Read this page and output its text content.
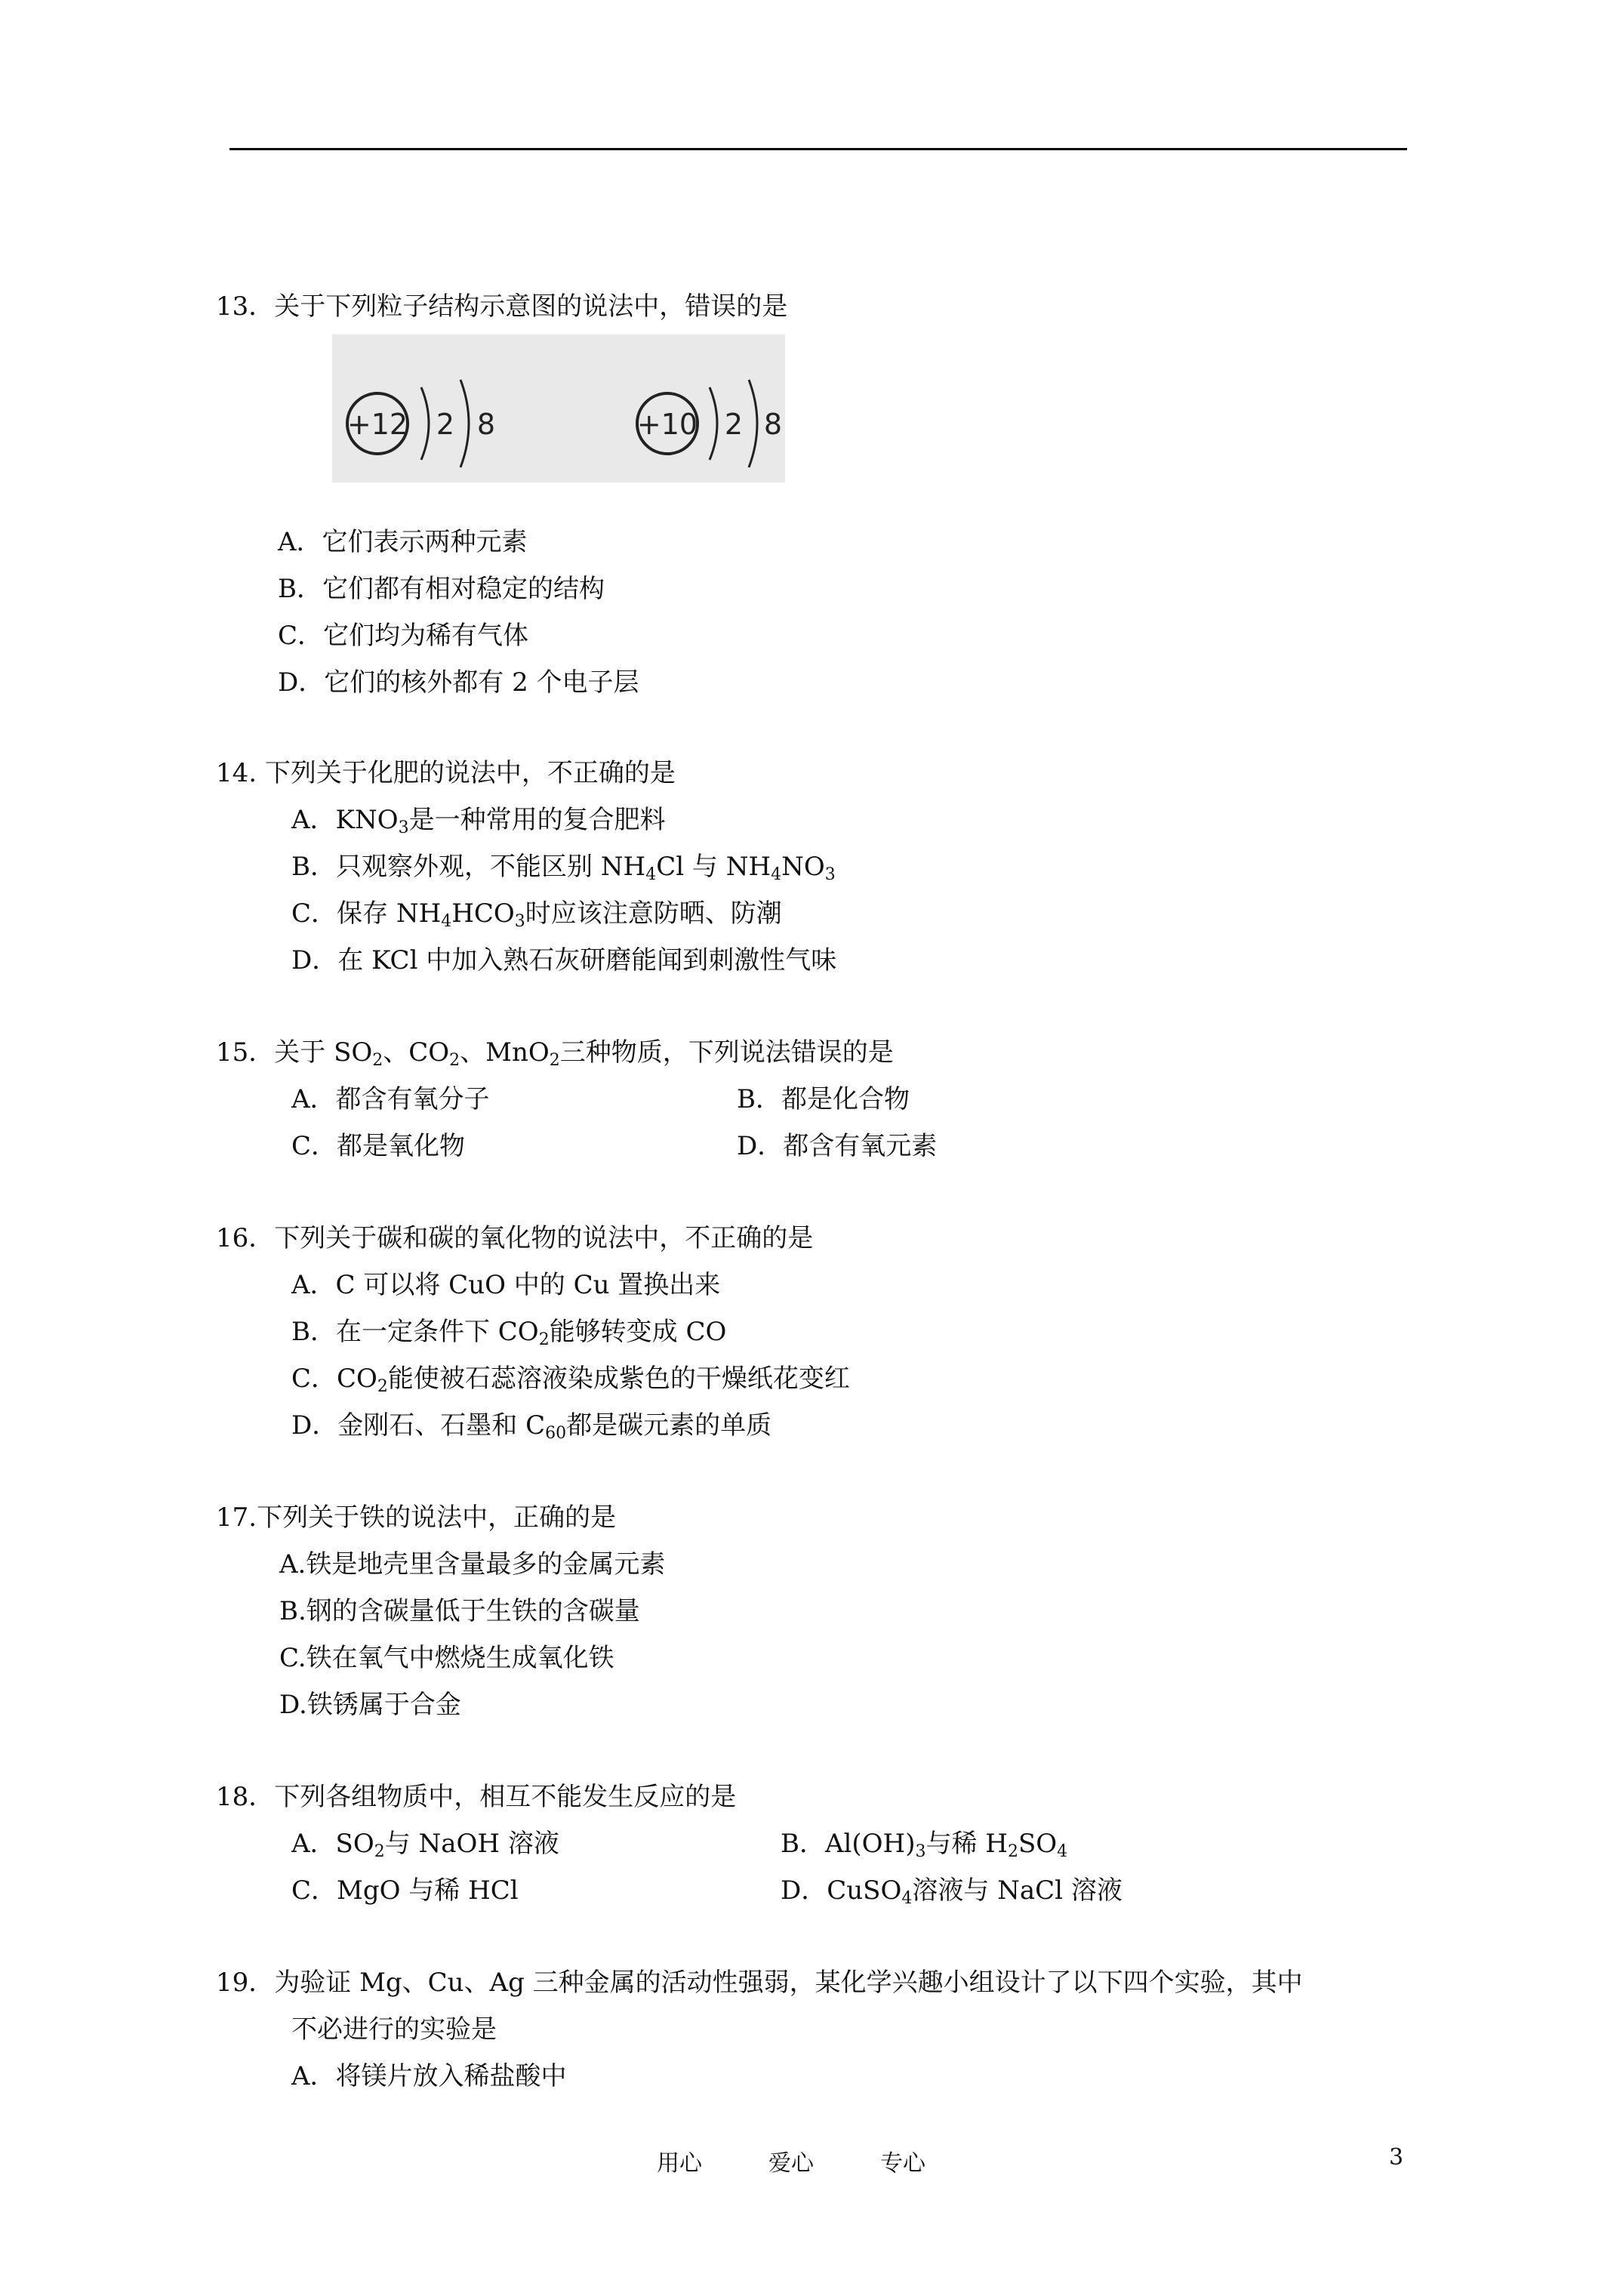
13．关于下列粒子结构示意图的说法中，错误的是
+12 2 8	+10 2 8
A．它们表示两种元素
B．它们都有相对稳定的结构
C．它们均为稀有气体
D．它们的核外都有 2 个电子层
14. 下列关于化肥的说法中，不正确的是
A．$KNO_3$是一种常用的复合肥料
B．只观察外观，不能区别 $NH_4Cl$ 与 $NH_4NO_3$
C．保存 $NH_4HCO_3$时应该注意防晒、防潮
D．在 KCl 中加入熟石灰研磨能闻到刺激性气味
15．关于 $SO_2$、$CO_2$、MnO$_2$三种物质，下列说法错误的是
A．都含有氧分子	B．都是化合物
C．都是氧化物	D．都含有氧元素
16．下列关于碳和碳的氧化物的说法中，不正确的是
A．C 可以将 CuO 中的 Cu 置换出来
B．在一定条件下 $CO_2$能够转变成 CO
C．$CO_2$能使被石蕊溶液染成紫色的干燥纸花变红
D．金刚石、石墨和 $C_{60}$都是碳元素的单质
17.下列关于铁的说法中，正确的是
A.铁是地壳里含量最多的金属元素
B.钢的含碳量低于生铁的含碳量
C.铁在氧气中燃烧生成氧化铁
D.铁锈属于合金
18．下列各组物质中，相互不能发生反应的是
A．$SO_2$与 NaOH 溶液	B．$Al(OH)_3$与稀 $H_2SO_4$
C．MgO 与稀 HCl	D．CuSO$_4$溶液与 NaCl 溶液
19．为验证 Mg、Cu、Ag 三种金属的活动性强弱，某化学兴趣小组设计了以下四个实验，其中
不必进行的实验是
A．将镁片放入稀盐酸中
用心	爱心	专心	3
